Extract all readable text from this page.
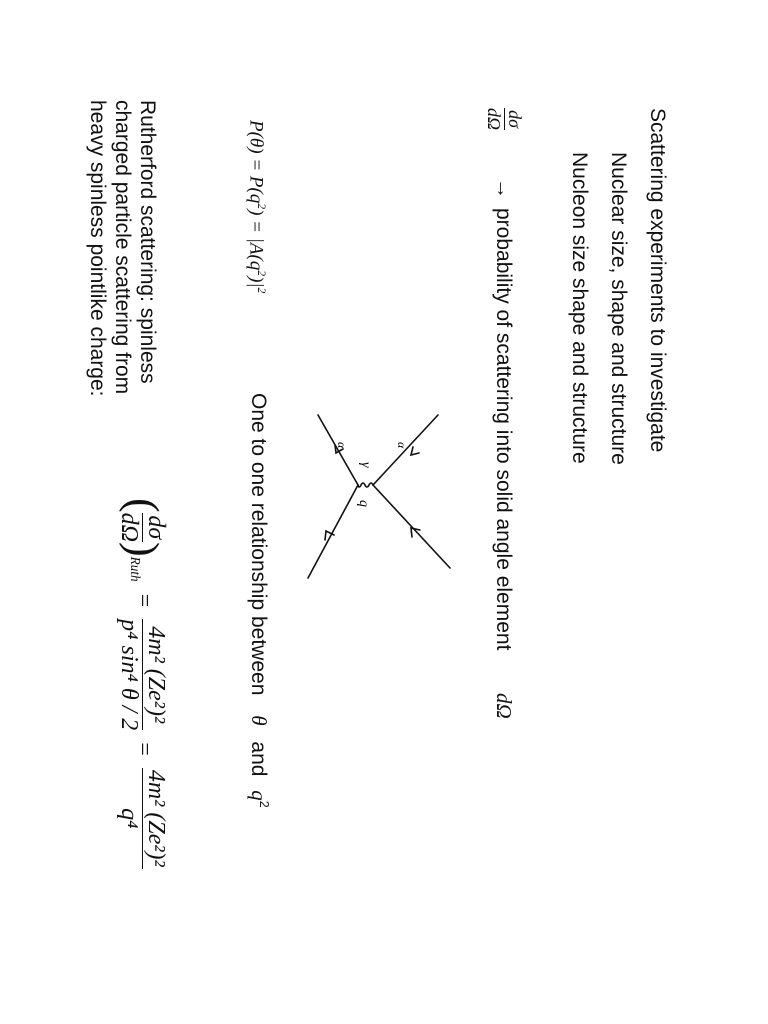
Scattering experiments to investigate
Nuclear size, shape and structure
Nucleon size shape and structure
dσ
dΩ
→
probability of scattering into solid angle element
dΩ
$P(\theta) = P(q^2) = |A(q^2)|^2$
One to one relationship between θ and $q^2$
γ
q
α
α
Rutherford scattering: spinless
charged particle scattering from
heavy spinless pointlike charge:
(
dσ
dΩ
)$_{Ruth}$ =
4m² (Ze²)²
p⁴ sin⁴ θ / 2
=
4m² (Ze²)²
q⁴
